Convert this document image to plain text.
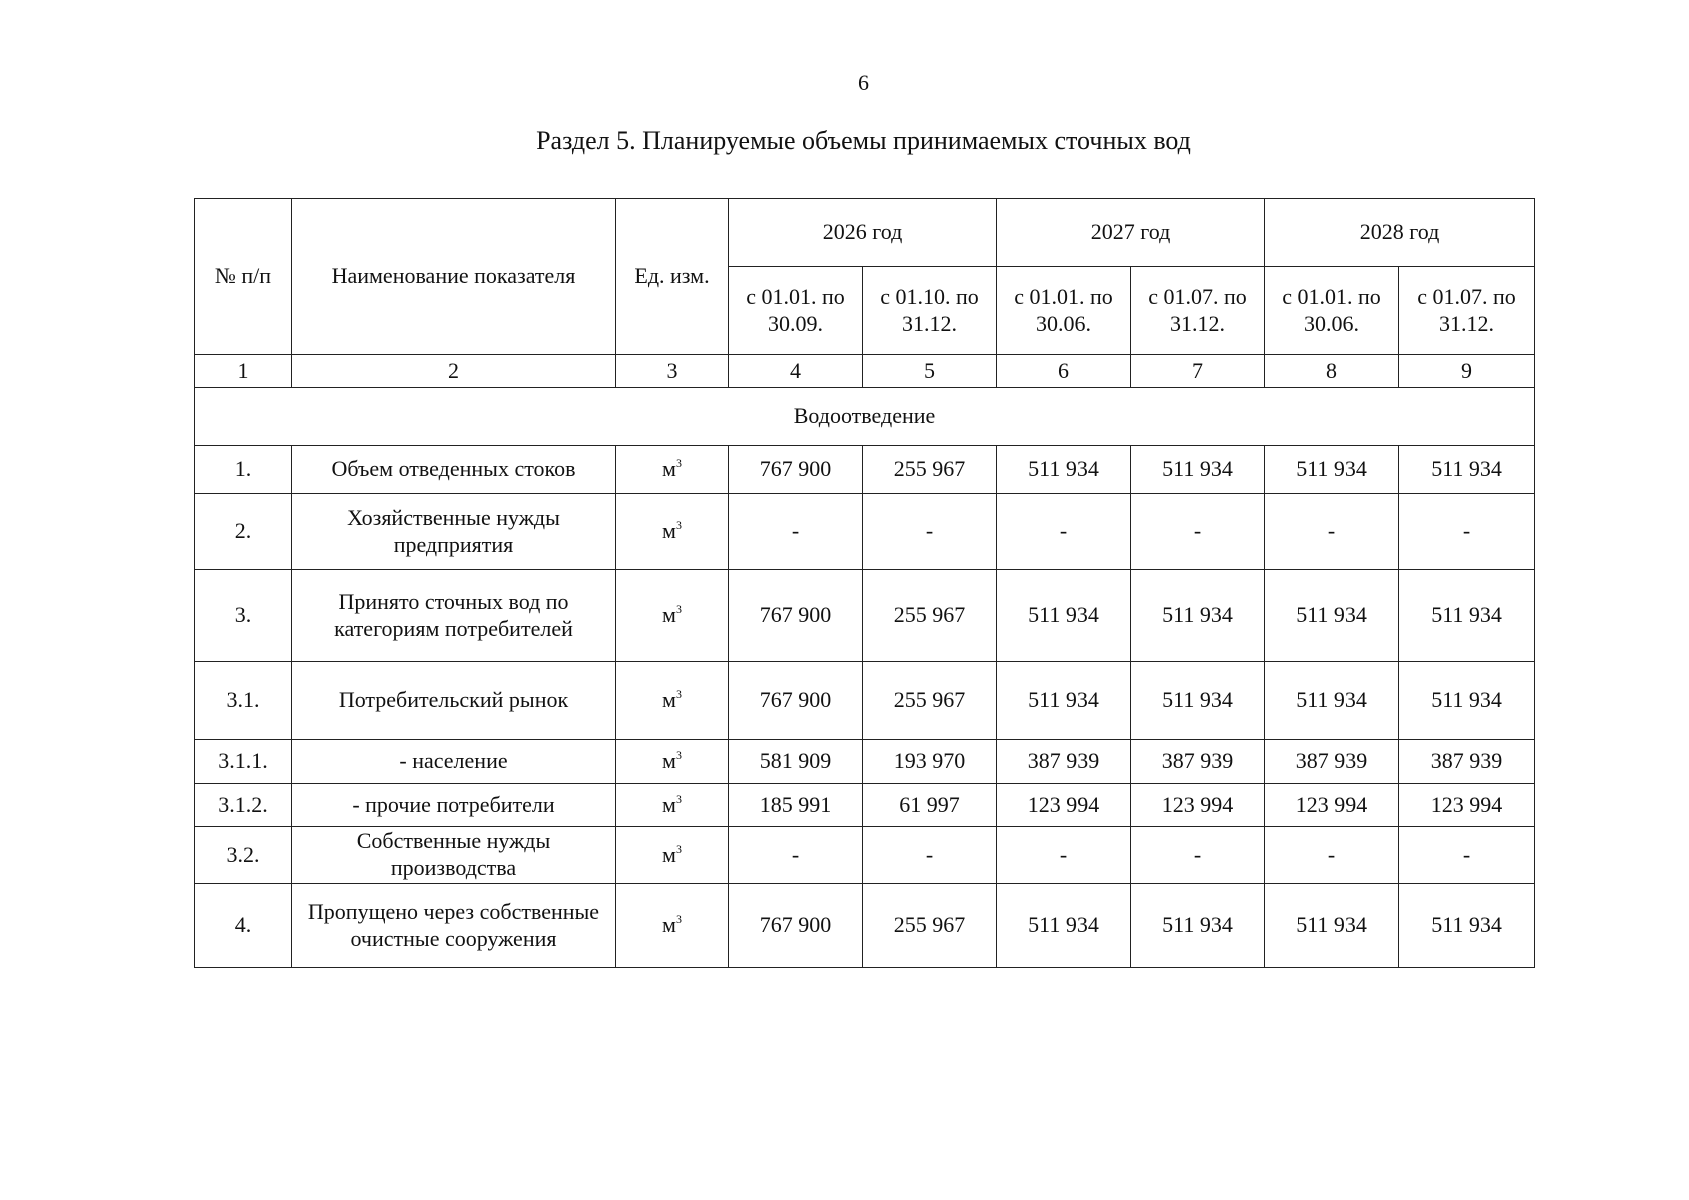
6
Раздел 5. Планируемые объемы принимаемых сточных вод
№ п/п	Наименование показателя	Ед. изм.	2026 год		2027 год		2028 год	
			с 01.01. по 30.09.	с 01.10. по 31.12.	с 01.01. по 30.06.	с 01.07. по 31.12.	с 01.01. по 30.06.	с 01.07. по 31.12.
1	2	3	4	5	6	7	8	9
Водоотведение								
1.	Объем отведенных стоков	$м^3$	767 900	255 967	511 934	511 934	511 934	511 934
2.	Хозяйственные нужды предприятия	$м^3$	-	-	-	-	-	-
3.	Принято сточных вод по категориям потребителей	$м^3$	767 900	255 967	511 934	511 934	511 934	511 934
3.1.	Потребительский рынок	$м^3$	767 900	255 967	511 934	511 934	511 934	511 934
3.1.1.	- население	$м^3$	581 909	193 970	387 939	387 939	387 939	387 939
3.1.2.	- прочие потребители	$м^3$	185 991	61 997	123 994	123 994	123 994	123 994
3.2.	Собственные нужды производства	$м^3$	-	-	-	-	-	-
4.	Пропущено через собственные очистные сооружения	$м^3$	767 900	255 967	511 934	511 934	511 934	511 934
